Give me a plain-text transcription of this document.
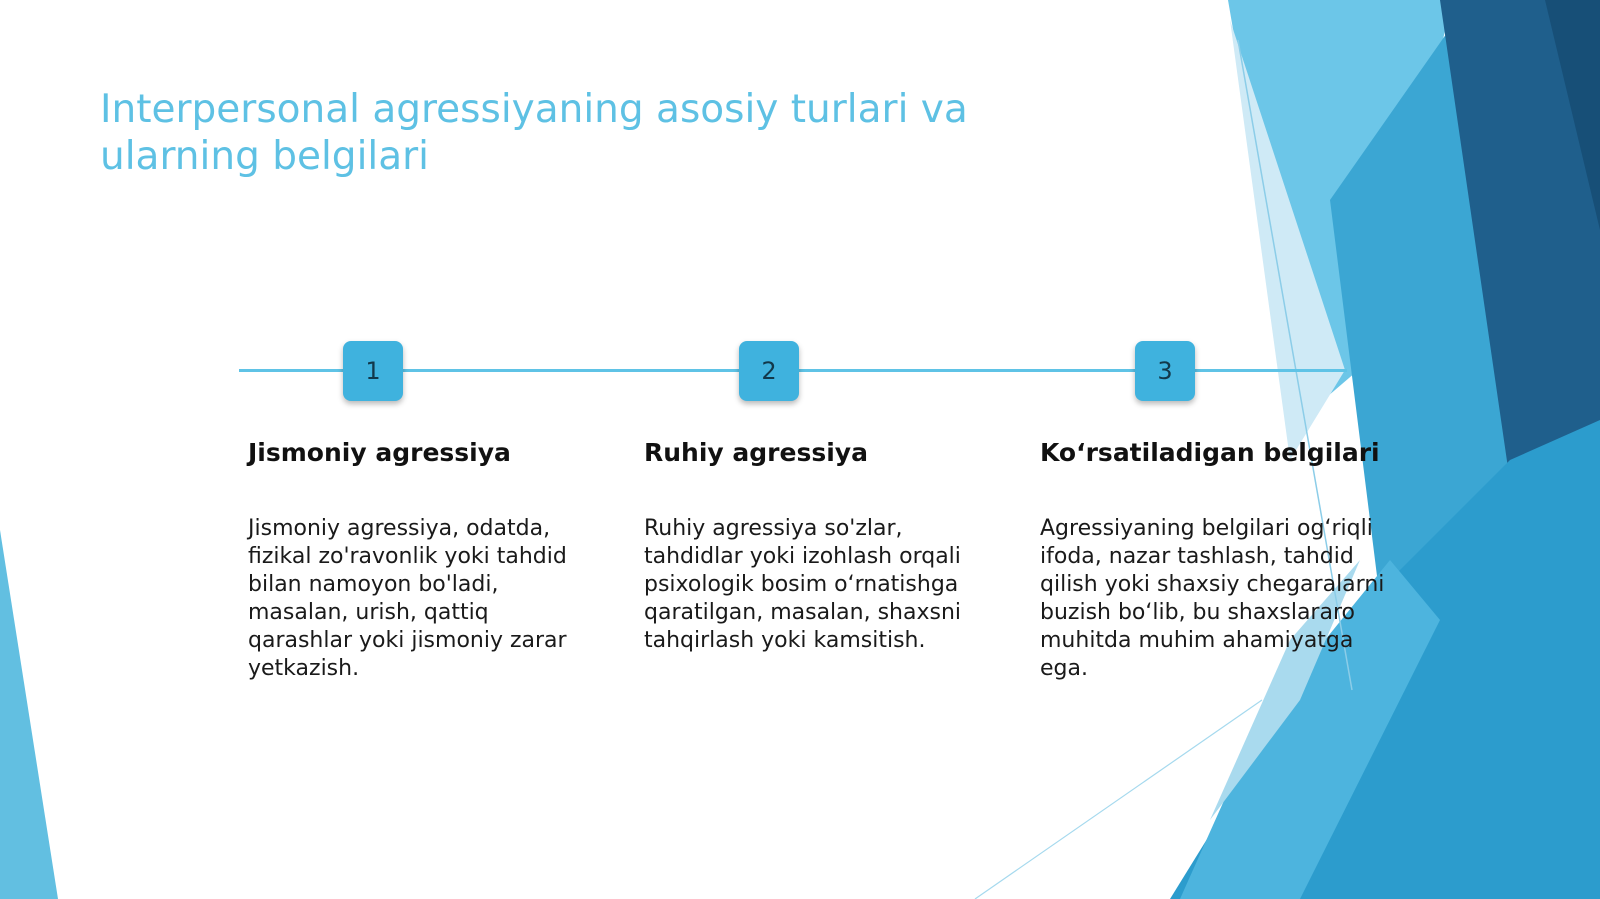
Interpersonal agressiyaning asosiy turlari va ularning belgilari
1	2	3
Jismoniy agressiya

Jismoniy agressiya, odatda, fizikal zo'ravonlik yoki tahdid bilan namoyon bo'ladi, masalan, urish, qattiq qarashlar yoki jismoniy zarar yetkazish.

Ruhiy agressiya

Ruhiy agressiya so'zlar, tahdidlar yoki izohlash orqali psixologik bosim o‘rnatishga qaratilgan, masalan, shaxsni tahqirlash yoki kamsitish.

Ko‘rsatiladigan belgilari

Agressiyaning belgilari og‘riqli ifoda, nazar tashlash, tahdid qilish yoki shaxsiy chegaralarni buzish bo‘lib, bu shaxslararo muhitda muhim ahamiyatga ega.
